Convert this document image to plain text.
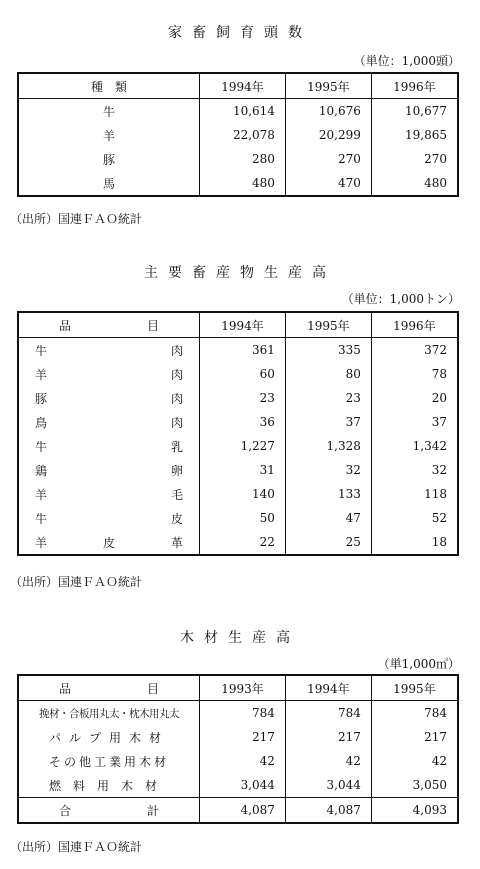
家畜飼育頭数
（単位：1,000頭）
種　類	1994年	1995年	1996年
牛	10,614	10,676	10,677
羊	22,078	20,299	19,865
豚	280	270	270
馬	480	470	480
（出所）国連ＦＡＯ統計
主要畜産物生産高
（単位：1,000トン）
品 目	1994年	1995年	1996年

牛 肉	361	335	372

羊 肉	60	80	78

豚 肉	23	23	20

鳥 肉	36	37	37

牛 乳	1,227	1,328	1,342

鶏 卵	31	32	32

羊 毛	140	133	118

牛 皮	50	47	52

羊 皮 革	22	25	18
（出所）国連ＦＡＯ統計
木材生産高
（単1,000㎥）
品 目	1993年	1994年	1995年
挽材・合板用丸太・枕木用丸太	784	784	784
パルプ用木材	217	217	217
その他工業用木材	42	42	42
燃料用木材	3,044	3,044	3,050

合 計	4,087	4,087	4,093
（出所）国連ＦＡＯ統計
